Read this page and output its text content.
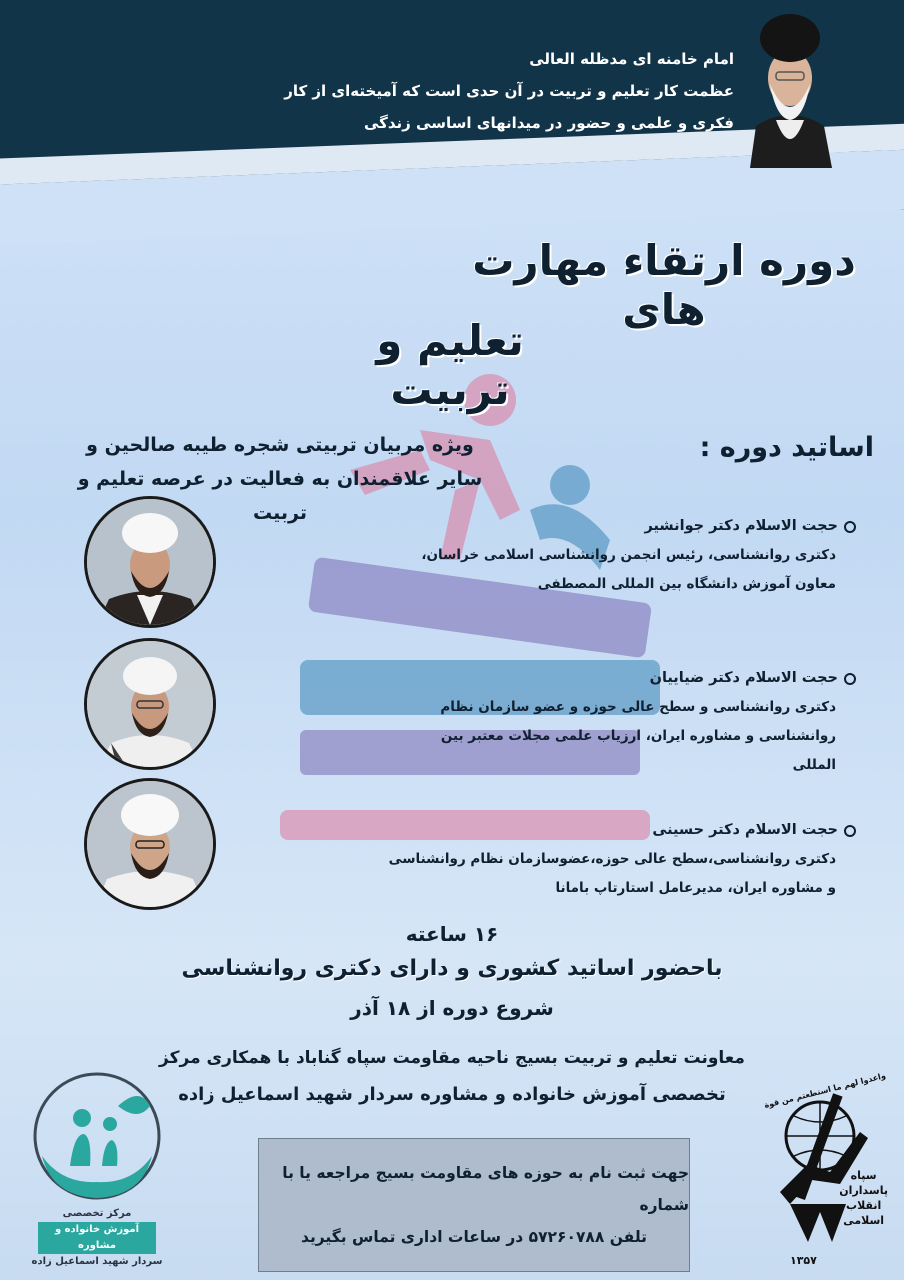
امام خامنه ای مدظله العالی
عظمت کار تعلیم و تربیت در آن حدی است که آمیخته‌ای از کار
فکری و علمی و حضور در میدانهای اساسی زندگی
دوره ارتقاء مهارت های
تعلیم و تربیت
ویژه مربیان تربیتی شجره طیبه صالحین و
سایر علاقمندان به فعالیت در عرصه تعلیم و تربیت
اساتید دوره :
حجت الاسلام دکتر جوانشیر
دکتری روانشناسی، رئیس انجمن روانشناسی اسلامی خراسان،
معاون آموزش دانشگاه بین المللی المصطفی
حجت الاسلام دکتر ضیاییان
دکتری روانشناسی و سطح عالی حوزه و عضو سازمان نظام
روانشناسی و مشاوره ایران، ارزیاب علمی مجلات معتبر بین
المللی
حجت الاسلام دکتر حسینی
دکتری روانشناسی،سطح عالی حوزه،عضوسازمان نظام روانشناسی
و مشاوره ایران، مدیرعامل استارتاپ بامانا
۱۶ ساعته
باحضور اساتید کشوری و دارای دکتری روانشناسی
شروع دوره از ۱۸ آذر
معاونت تعلیم و تربیت بسیج ناحیه مقاومت سپاه گناباد با همکاری مرکز
تخصصی آموزش خانواده و مشاوره سردار شهید اسماعیل زاده
جهت ثبت نام به حوزه های مقاومت بسیج مراجعه یا با شماره
تلفن ۵۷۲۶۰۷۸۸ در ساعات اداری تماس بگیرید
مرکز تخصصی
آموزش خانواده و مشاوره
سردار شهید اسماعیل زاده
واعدوا لهم ما استطعتم من قوة
سپاه
پاسداران
انقلاب
اسلامی
۱۳۵۷
